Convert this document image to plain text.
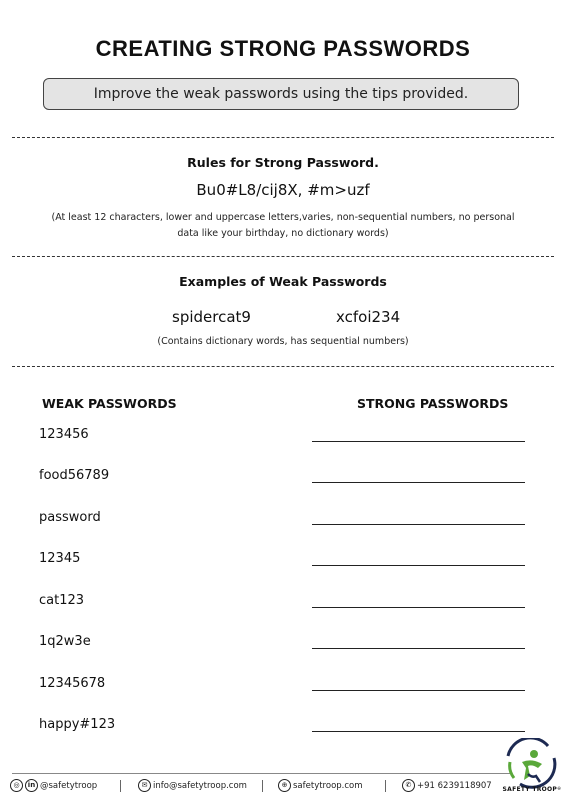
CREATING STRONG PASSWORDS
Improve the weak passwords using the tips provided.
Rules for Strong Password.
Bu0#L8/cij8X, #m>uzf
(At least 12 characters, lower and uppercase letters,varies, non-sequential numbers, no personal data like your birthday, no dictionary words)
Examples of Weak Passwords
spidercat9	xcfoi234
(Contains dictionary words, has sequential numbers)
WEAK PASSWORDS	STRONG PASSWORDS
123456
food56789
password
12345
cat123
1q2w3e
12345678
happy#123
◎ in @safetytroop	✉ info@safetytroop.com	⊕ safetytroop.com	✆ +91 6239118907	SAFETY TROOP®
